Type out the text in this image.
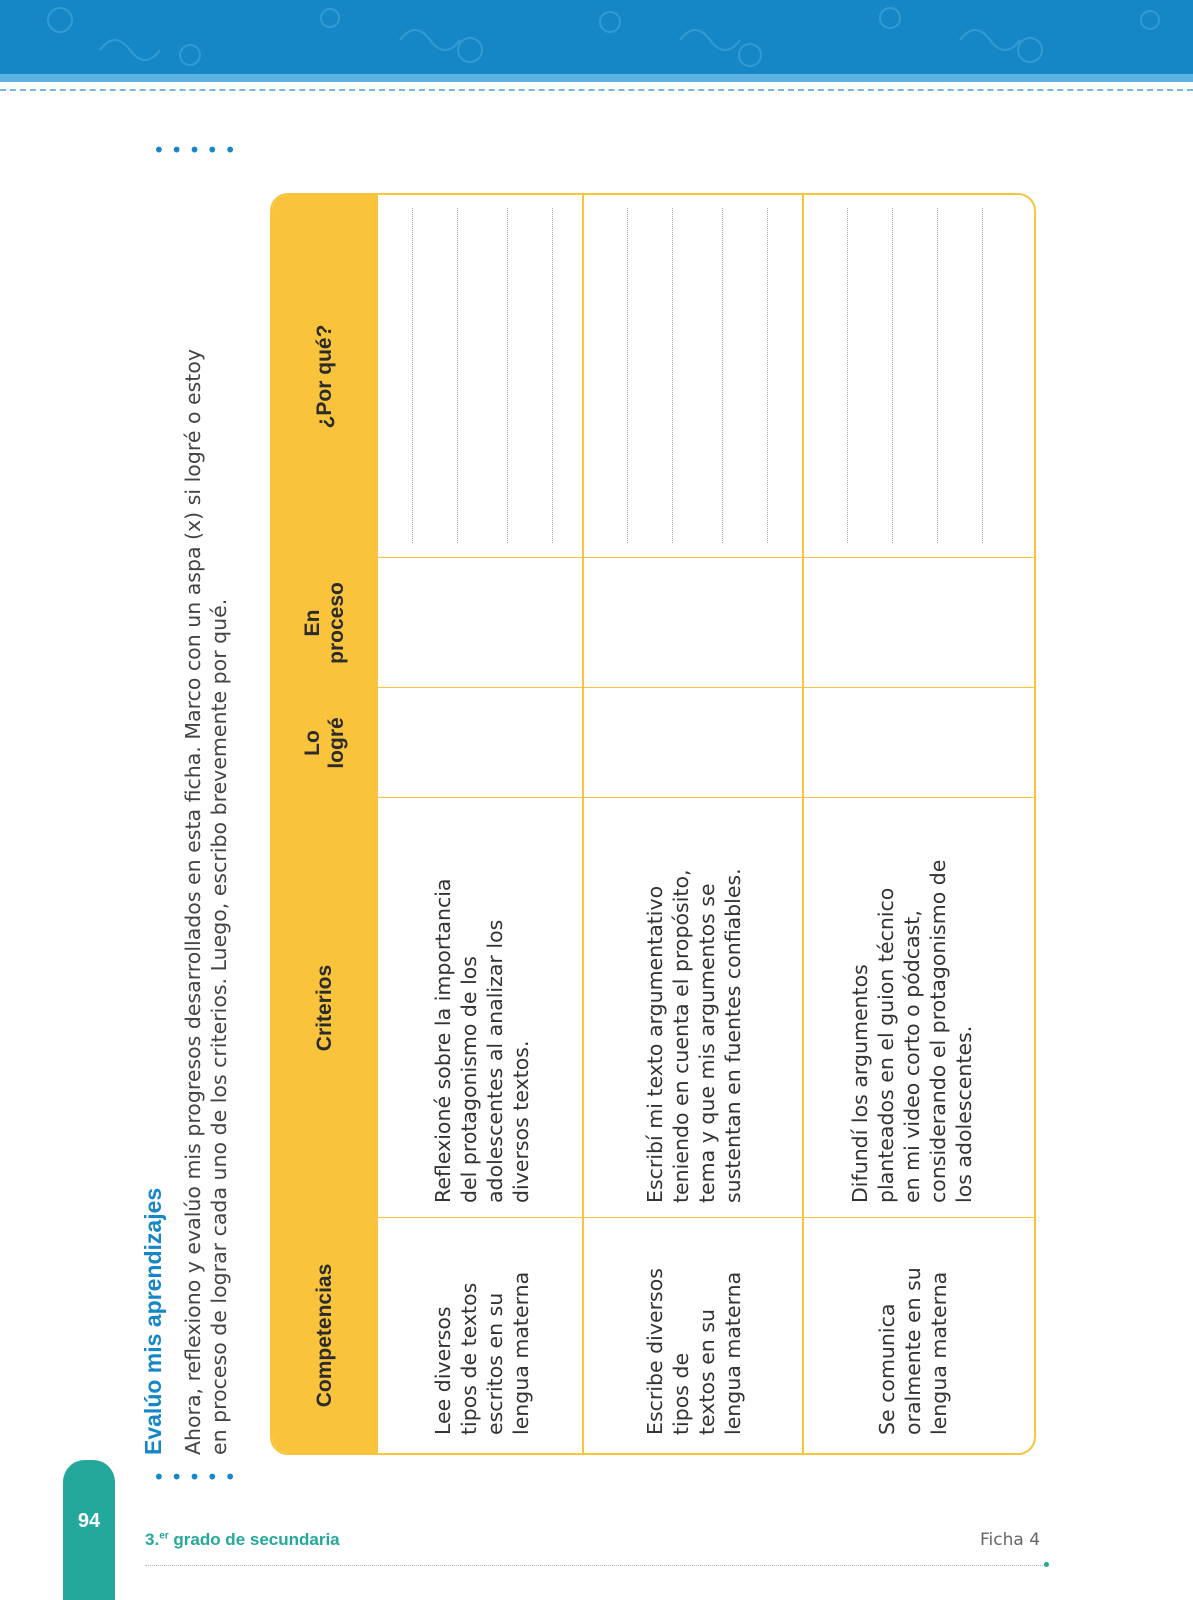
•••••
•••••
Evalúo mis aprendizajes Ahora, reflexiono y evalúo mis progresos desarrollados en esta ficha. Marco con un aspa (x) si logré o estoy en proceso de lograr cada uno de los criterios. Luego, escribo brevemente por qué.	Competencias
Criterios
Lo logré
En proceso
¿Por qué?
Lee diversos tipos de textos escritos en su lengua materna
Reflexioné sobre la importancia del protagonismo de los adolescentes al analizar los diversos textos.
Escribe diversos tipos de textos en su lengua materna
Escribí mi texto argumentativo teniendo en cuenta el propósito, tema y que mis argumentos se sustentan en fuentes confiables.
Se comunica oralmente en su lengua materna
Difundí los argumentos planteados en el guion técnico en mi video corto o pódcast, considerando el protagonismo de los adolescentes.
94
3.$^{er}$ grado de secundaria	Ficha 4
